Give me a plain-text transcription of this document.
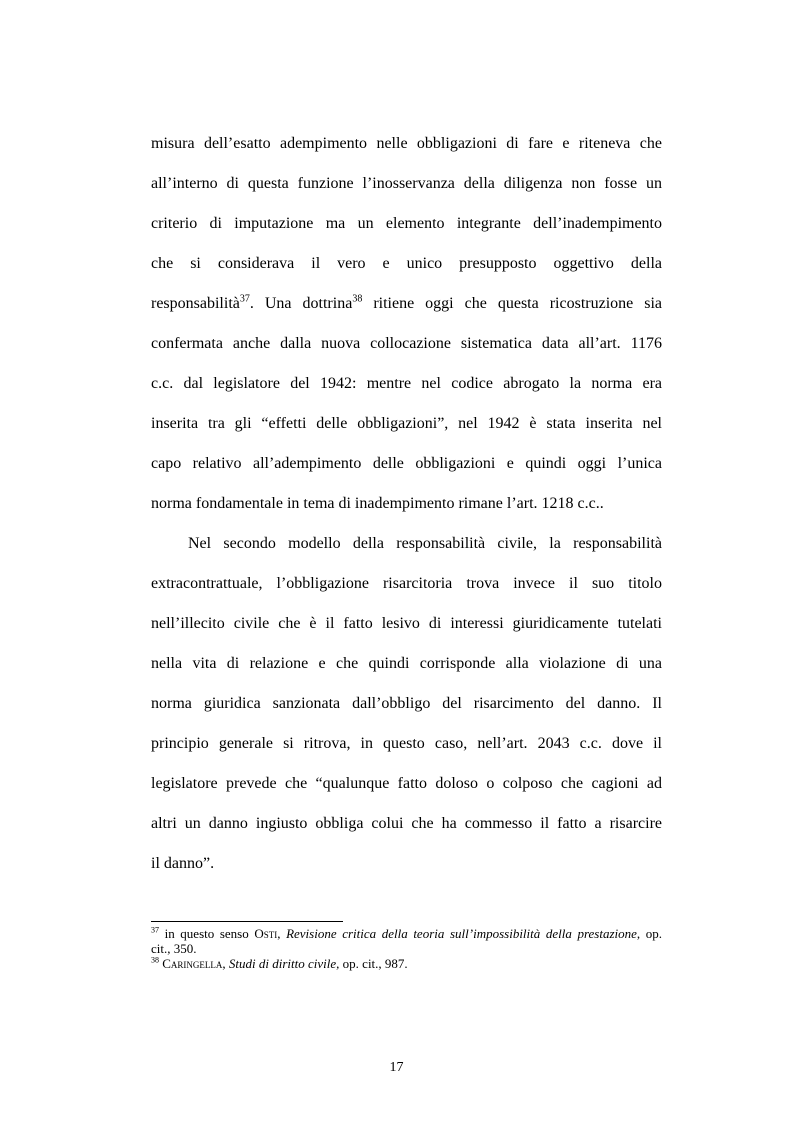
misura dell’esatto adempimento nelle obbligazioni di fare e riteneva che
all’interno di questa funzione l’inosservanza della diligenza non fosse un
criterio di imputazione ma un elemento integrante dell’inadempimento
che si considerava il vero e unico presupposto oggettivo della
responsabilità$^{37}$. Una dottrina$^{38}$ ritiene oggi che questa ricostruzione sia
confermata anche dalla nuova collocazione sistematica data all’art. 1176
c.c. dal legislatore del 1942: mentre nel codice abrogato la norma era
inserita tra gli “effetti delle obbligazioni”, nel 1942 è stata inserita nel
capo relativo all’adempimento delle obbligazioni e quindi oggi l’unica
norma fondamentale in tema di inadempimento rimane l’art. 1218 c.c..
Nel secondo modello della responsabilità civile, la responsabilità
extracontrattuale, l’obbligazione risarcitoria trova invece il suo titolo
nell’illecito civile che è il fatto lesivo di interessi giuridicamente tutelati
nella vita di relazione e che quindi corrisponde alla violazione di una
norma giuridica sanzionata dall’obbligo del risarcimento del danno. Il
principio generale si ritrova, in questo caso, nell’art. 2043 c.c. dove il
legislatore prevede che “qualunque fatto doloso o colposo che cagioni ad
altri un danno ingiusto obbliga colui che ha commesso il fatto a risarcire
il danno”.
$^{37}$ in questo senso Osti, Revisione critica della teoria sull’impossibilità della prestazione, op.
cit., 350.
$^{38}$ Caringella, Studi di diritto civile, op. cit., 987.
17
